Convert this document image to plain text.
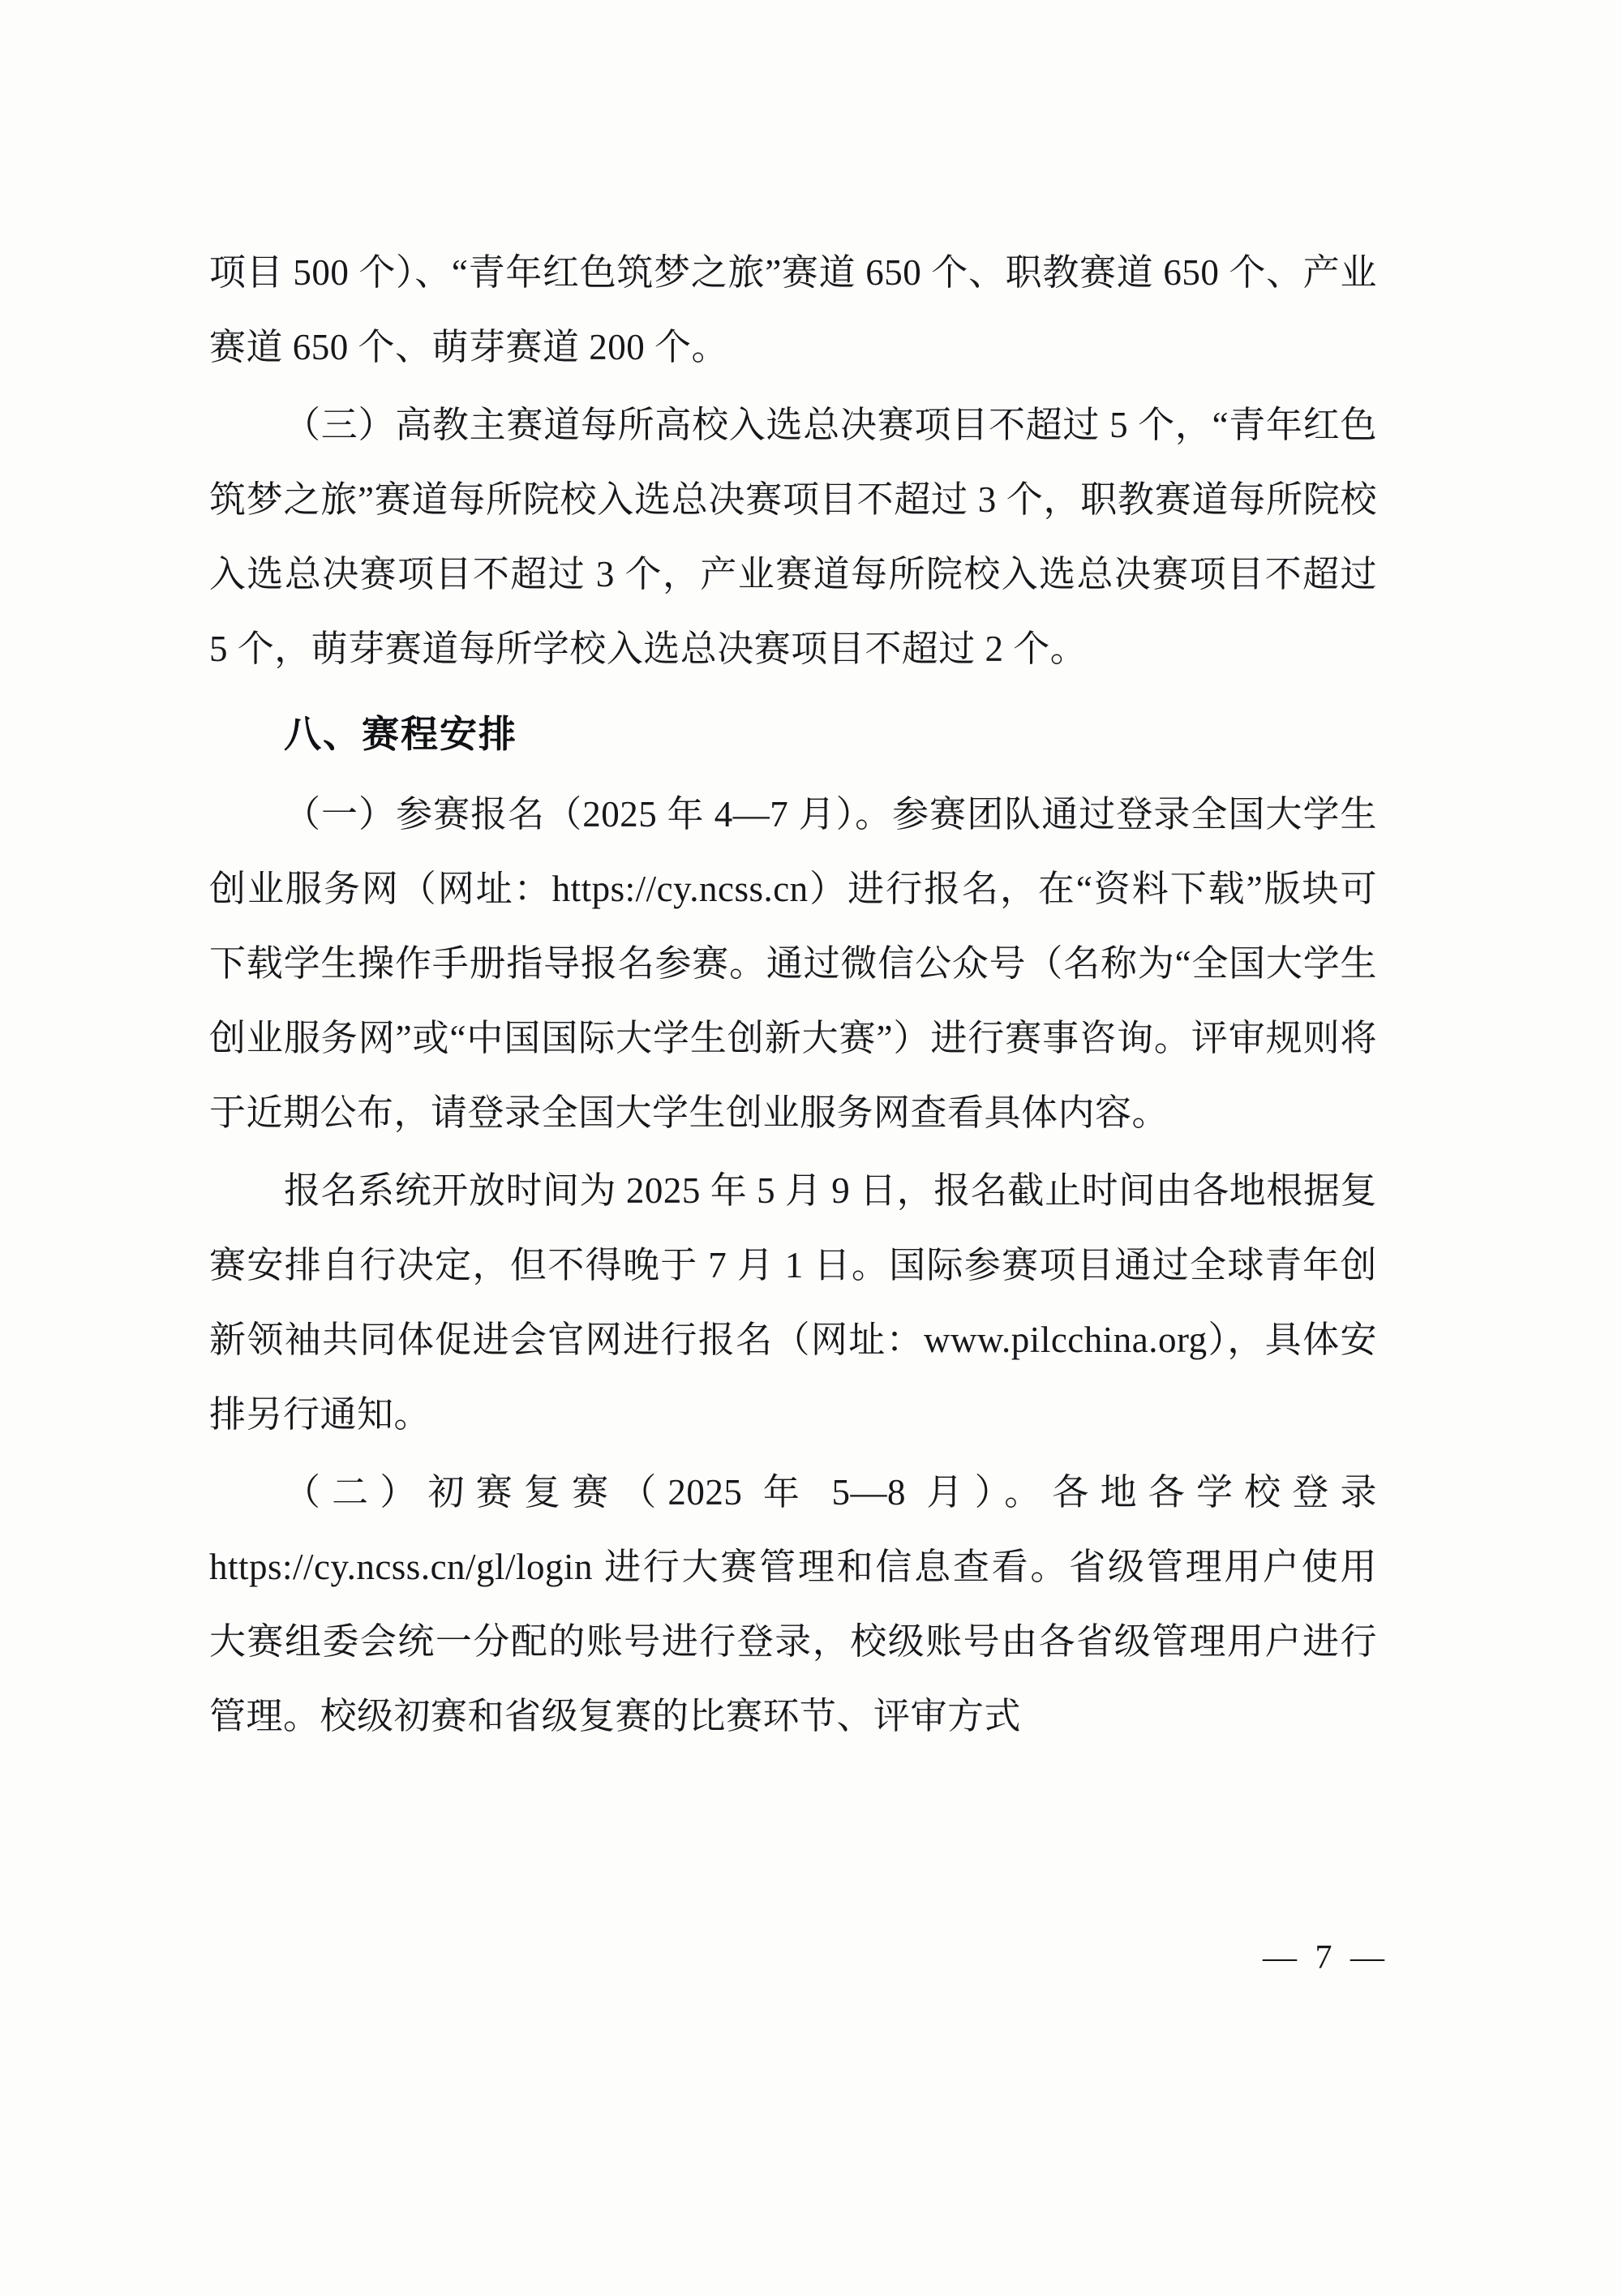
项目 500 个）、“青年红色筑梦之旅”赛道 650 个、职教赛道 650 个、产业赛道 650 个、萌芽赛道 200 个。

（三）高教主赛道每所高校入选总决赛项目不超过 5 个，“青年红色筑梦之旅”赛道每所院校入选总决赛项目不超过 3 个，职教赛道每所院校入选总决赛项目不超过 3 个，产业赛道每所院校入选总决赛项目不超过 5 个，萌芽赛道每所学校入选总决赛项目不超过 2 个。

八、赛程安排

（一）参赛报名（2025 年 4—7 月）。参赛团队通过登录全国大学生创业服务网（网址：https://cy.ncss.cn）进行报名，在“资料下载”版块可下载学生操作手册指导报名参赛。通过微信公众号（名称为“全国大学生创业服务网”或“中国国际大学生创新大赛”）进行赛事咨询。评审规则将于近期公布，请登录全国大学生创业服务网查看具体内容。

报名系统开放时间为 2025 年 5 月 9 日，报名截止时间由各地根据复赛安排自行决定，但不得晚于 7 月 1 日。国际参赛项目通过全球青年创新领袖共同体促进会官网进行报名（网址：www.pilcchina.org），具体安排另行通知。

（二）初赛复赛（2025 年 5—8 月）。各地各学校登录 https://cy.ncss.cn/gl/login 进行大赛管理和信息查看。省级管理用户使用大赛组委会统一分配的账号进行登录，校级账号由各省级管理用户进行管理。校级初赛和省级复赛的比赛环节、评审方式

— 7 —
